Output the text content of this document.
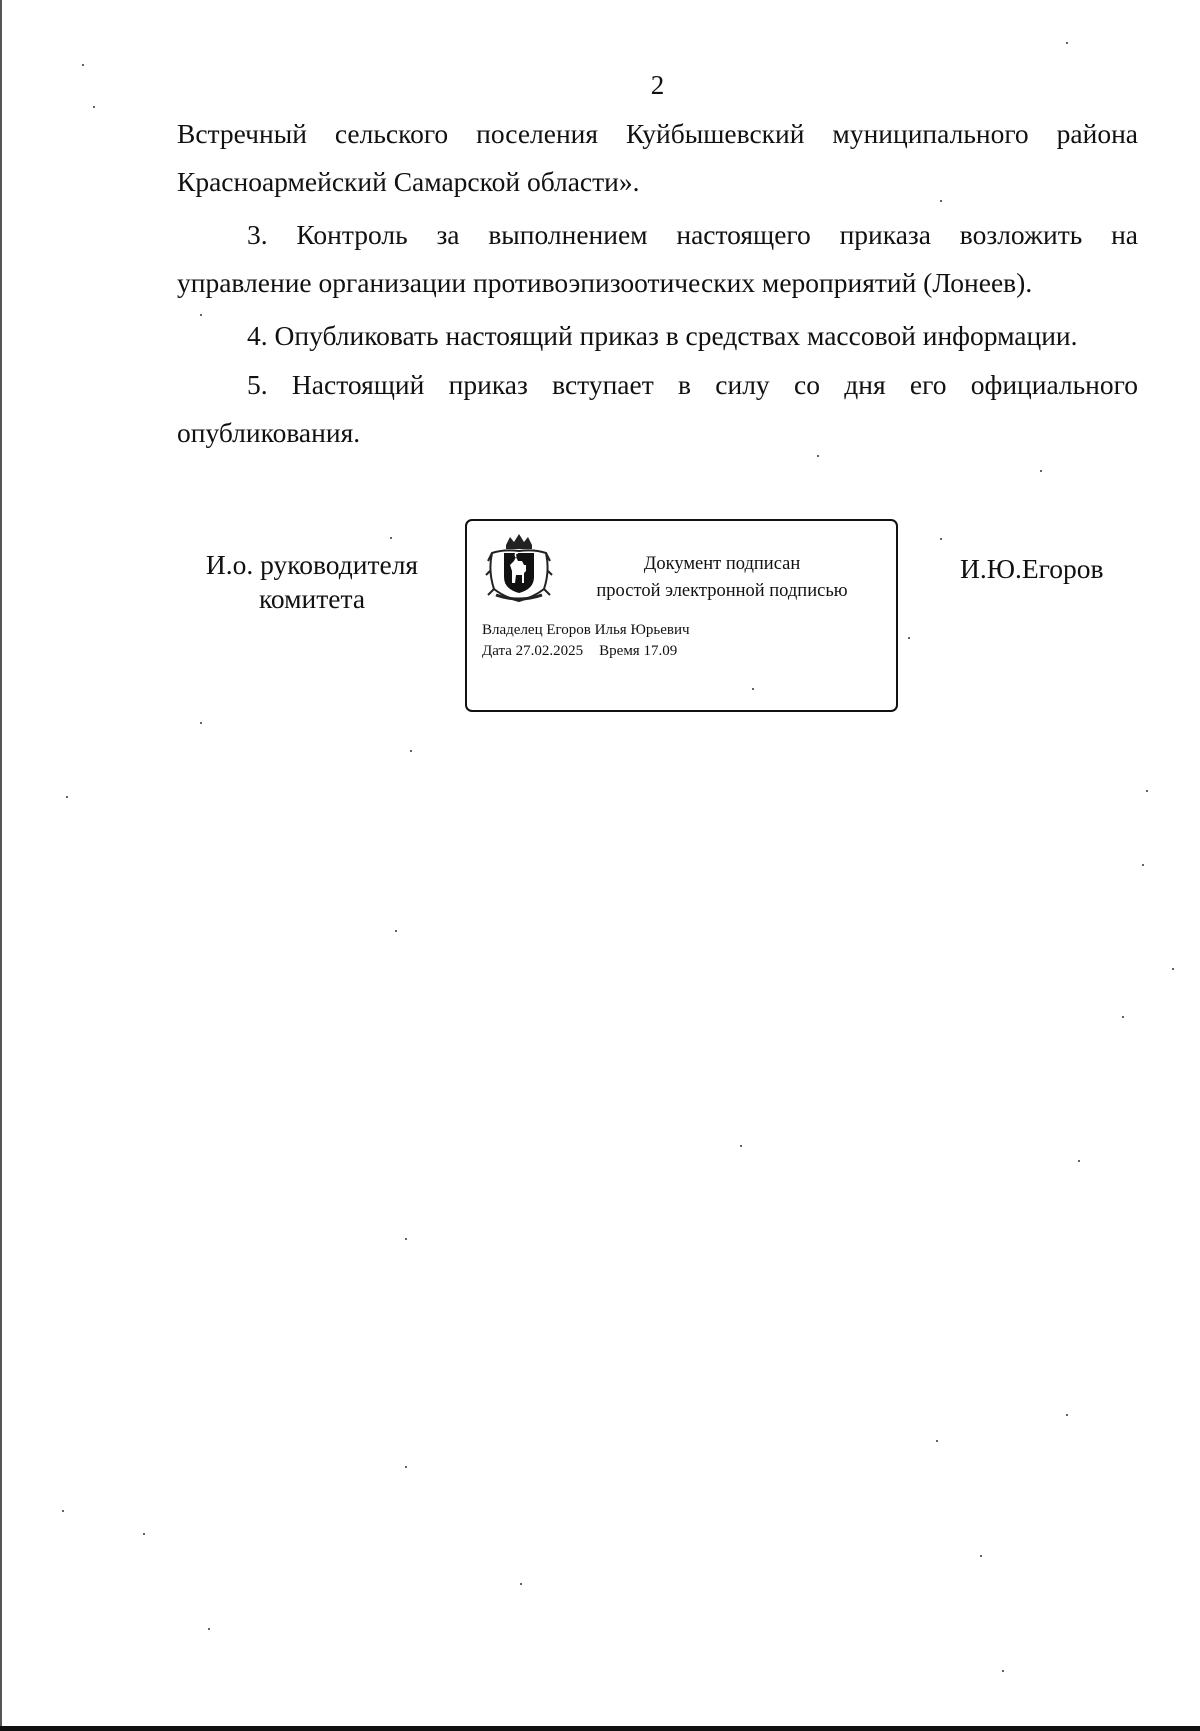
2
Встречный сельского поселения Куйбышевский муниципального района
Красноармейский Самарской области».
3. Контроль за выполнением настоящего приказа возложить на
управление организации противоэпизоотических мероприятий (Лонеев).
4. Опубликовать настоящий приказ в средствах массовой информации.
5. Настоящий приказ вступает в силу со дня его официального
опубликования.
И.о. руководителя
комитета
Документ подписан
простой электронной подписью
Владелец Егоров Илья Юрьевич
Дата 27.02.2025 Время 17.09
И.Ю.Егоров
